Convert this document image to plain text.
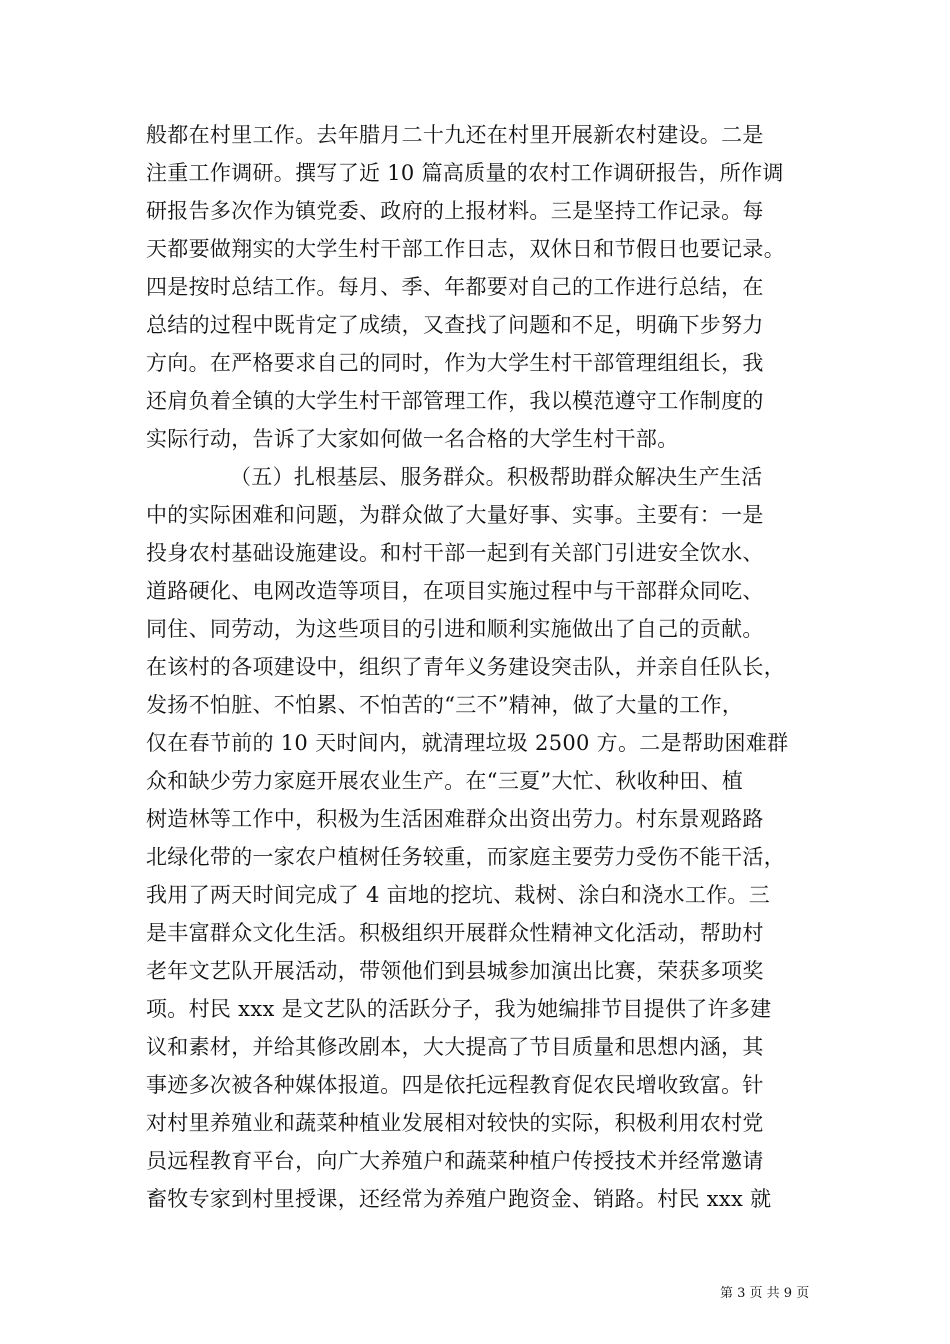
般都在村里工作。去年腊月二十九还在村里开展新农村建设。二是
注重工作调研。撰写了近 10 篇高质量的农村工作调研报告，所作调
研报告多次作为镇党委、政府的上报材料。三是坚持工作记录。每
天都要做翔实的大学生村干部工作日志，双休日和节假日也要记录。
四是按时总结工作。每月、季、年都要对自己的工作进行总结，在
总结的过程中既肯定了成绩，又查找了问题和不足，明确下步努力
方向。在严格要求自己的同时，作为大学生村干部管理组组长，我
还肩负着全镇的大学生村干部管理工作，我以模范遵守工作制度的
实际行动，告诉了大家如何做一名合格的大学生村干部。
（五）扎根基层、服务群众。积极帮助群众解决生产生活
中的实际困难和问题，为群众做了大量好事、实事。主要有：一是
投身农村基础设施建设。和村干部一起到有关部门引进安全饮水、
道路硬化、电网改造等项目，在项目实施过程中与干部群众同吃、
同住、同劳动，为这些项目的引进和顺利实施做出了自己的贡献。
在该村的各项建设中，组织了青年义务建设突击队，并亲自任队长，
发扬不怕脏、不怕累、不怕苦的“三不”精神，做了大量的工作，
仅在春节前的 10 天时间内，就清理垃圾 2500 方。二是帮助困难群
众和缺少劳力家庭开展农业生产。在“三夏”大忙、秋收种田、植
树造林等工作中，积极为生活困难群众出资出劳力。村东景观路路
北绿化带的一家农户植树任务较重，而家庭主要劳力受伤不能干活，
我用了两天时间完成了 4 亩地的挖坑、栽树、涂白和浇水工作。三
是丰富群众文化生活。积极组织开展群众性精神文化活动，帮助村
老年文艺队开展活动，带领他们到县城参加演出比赛，荣获多项奖
项。村民 xxx 是文艺队的活跃分子，我为她编排节目提供了许多建
议和素材，并给其修改剧本，大大提高了节目质量和思想内涵，其
事迹多次被各种媒体报道。四是依托远程教育促农民增收致富。针
对村里养殖业和蔬菜种植业发展相对较快的实际，积极利用农村党
员远程教育平台，向广大养殖户和蔬菜种植户传授技术并经常邀请
畜牧专家到村里授课，还经常为养殖户跑资金、销路。村民 xxx 就
第 3 页 共 9 页
